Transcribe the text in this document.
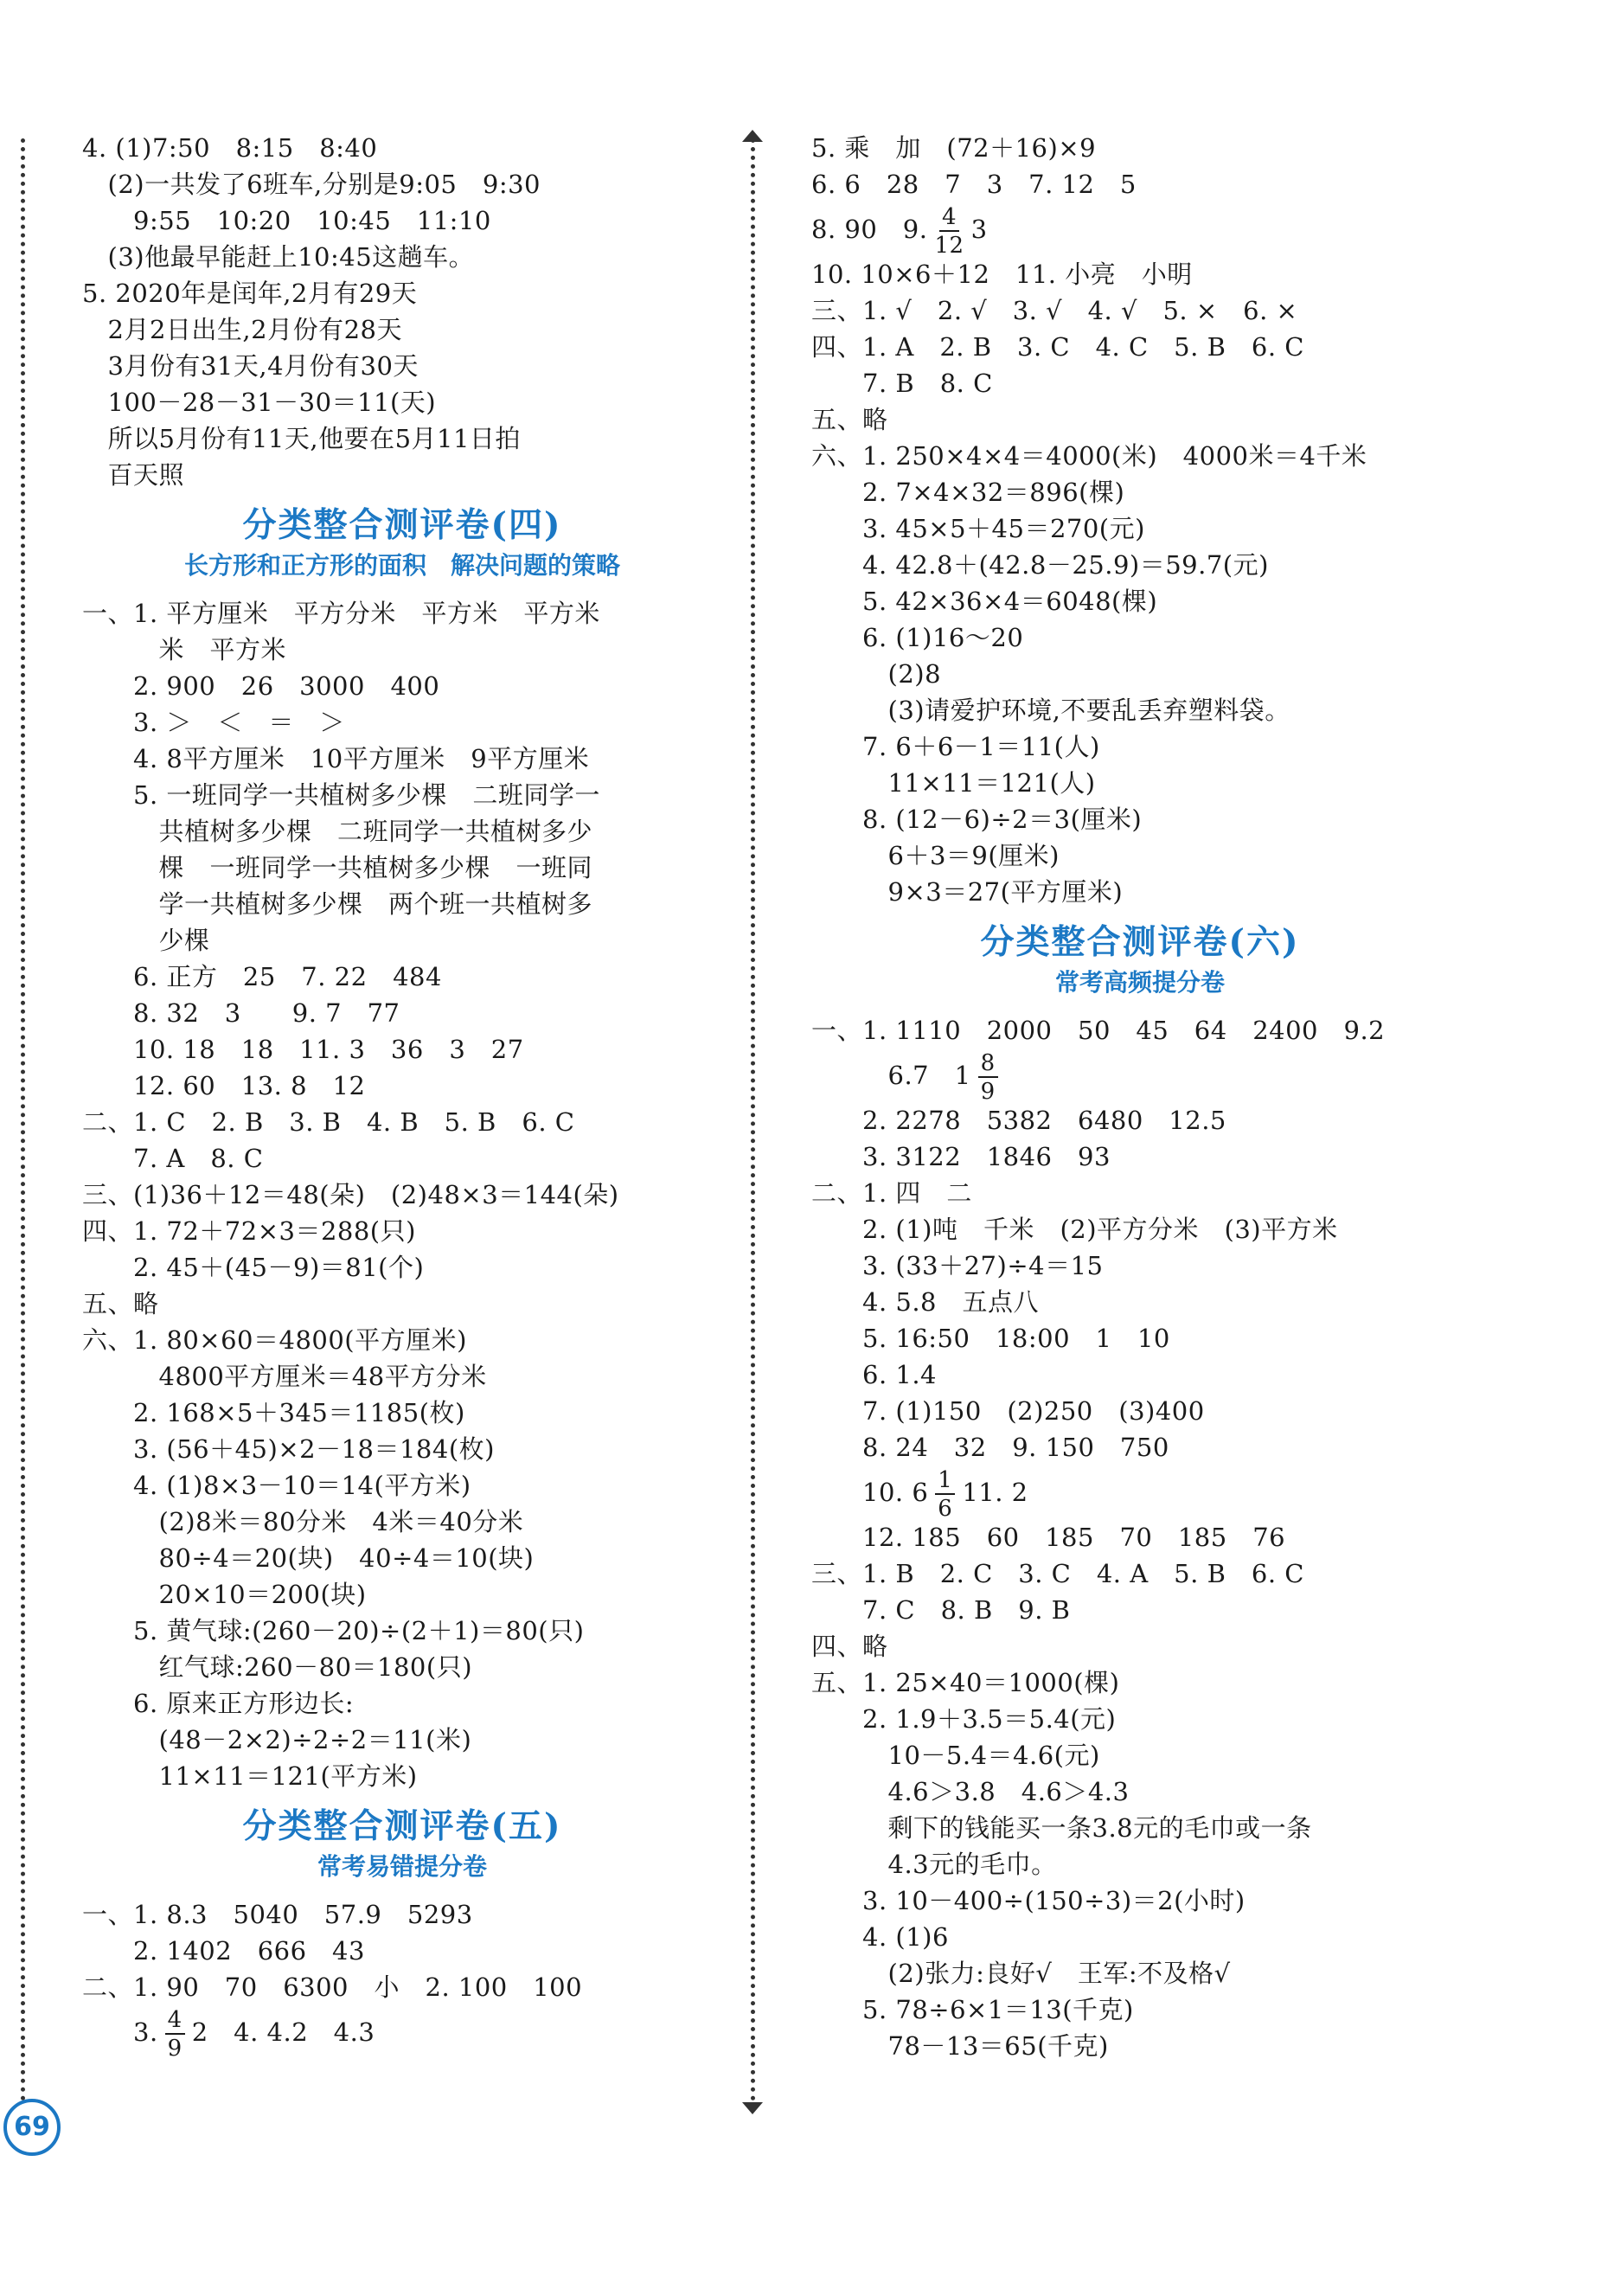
4. (1)7:50　8:15　8:40
　(2)一共发了6班车,分别是9:05　9:30
　　9:55　10:20　10:45　11:10
　(3)他最早能赶上10:45这趟车。
5. 2020年是闰年,2月有29天
　2月2日出生,2月份有28天
　3月份有31天,4月份有30天
　100－28－31－30＝11(天)
　所以5月份有11天,他要在5月11日拍
　百天照
分类整合测评卷(四)
长方形和正方形的面积　解决问题的策略
一、1. 平方厘米　平方分米　平方米　平方米
　　　米　平方米
　　2. 900　26　3000　400
　　3. ＞　＜　＝　＞
　　4. 8平方厘米　10平方厘米　9平方厘米
　　5. 一班同学一共植树多少棵　二班同学一
　　　共植树多少棵　二班同学一共植树多少
　　　棵　一班同学一共植树多少棵　一班同
　　　学一共植树多少棵　两个班一共植树多
　　　少棵
　　6. 正方　25　7. 22　484
　　8. 32　3　　9. 7　77
　　10. 18　18　11. 3　36　3　27
　　12. 60　13. 8　12
二、1. C　2. B　3. B　4. B　5. B　6. C
　　7. A　8. C
三、(1)36＋12＝48(朵)　(2)48×3＝144(朵)
四、1. 72＋72×3＝288(只)
　　2. 45＋(45－9)＝81(个)
五、略
六、1. 80×60＝4800(平方厘米)
　　　4800平方厘米＝48平方分米
　　2. 168×5＋345＝1185(枚)
　　3. (56＋45)×2－18＝184(枚)
　　4. (1)8×3－10＝14(平方米)
　　　(2)8米＝80分米　4米＝40分米
　　　80÷4＝20(块)　40÷4＝10(块)
　　　20×10＝200(块)
　　5. 黄气球:(260－20)÷(2＋1)＝80(只)
　　　红气球:260－80＝180(只)
　　6. 原来正方形边长:
　　　(48－2×2)÷2÷2＝11(米)
　　　11×11＝121(平方米)
分类整合测评卷(五)
常考易错提分卷
一、1. 8.3　5040　57.9　5293
　　2. 1402　666　43
二、1. 90　70　6300　小　2. 100　100
　　3. $\frac{4}{9} 2$　4. 4.2　4.3
5. 乘　加　(72＋16)×9
6. 6　28　7　3　7. 12　5
8. 90　9. $\frac{4}{12} 3$
10. 10×6＋12　11. 小亮　小明
三、1. √　2. √　3. √　4. √　5. ×　6. ×
四、1. A　2. B　3. C　4. C　5. B　6. C
　　7. B　8. C
五、略
六、1. 250×4×4＝4000(米)　4000米＝4千米
　　2. 7×4×32＝896(棵)
　　3. 45×5＋45＝270(元)
　　4. 42.8＋(42.8－25.9)＝59.7(元)
　　5. 42×36×4＝6048(棵)
　　6. (1)16～20
　　　(2)8
　　　(3)请爱护环境,不要乱丢弃塑料袋。
　　7. 6＋6－1＝11(人)
　　　11×11＝121(人)
　　8. (12－6)÷2＝3(厘米)
　　　6＋3＝9(厘米)
　　　9×3＝27(平方厘米)
分类整合测评卷(六)
常考高频提分卷
一、1. 1110　2000　50　45　64　2400　9.2
　　　6.7　$1 \frac{8}{9}$
　　2. 2278　5382　6480　12.5
　　3. 3122　1846　93
二、1. 四　二
　　2. (1)吨　千米　(2)平方分米　(3)平方米
　　3. (33＋27)÷4＝15
　　4. 5.8　五点八
　　5. 16:50　18:00　1　10
　　6. 1.4
　　7. (1)150　(2)250　(3)400
　　8. 24　32　9. 150　750
　　10. $6 \frac{1}{6} 11$. 2
　　12. 185　60　185　70　185　76
三、1. B　2. C　3. C　4. A　5. B　6. C
　　7. C　8. B　9. B
四、略
五、1. 25×40＝1000(棵)
　　2. 1.9＋3.5＝5.4(元)
　　　10－5.4＝4.6(元)
　　　4.6＞3.8　4.6＞4.3
　　　剩下的钱能买一条3.8元的毛巾或一条
　　　4.3元的毛巾。
　　3. 10－400÷(150÷3)＝2(小时)
　　4. (1)6
　　　(2)张力:良好√　王军:不及格√
　　5. 78÷6×1＝13(千克)
　　　78－13＝65(千克)
69
